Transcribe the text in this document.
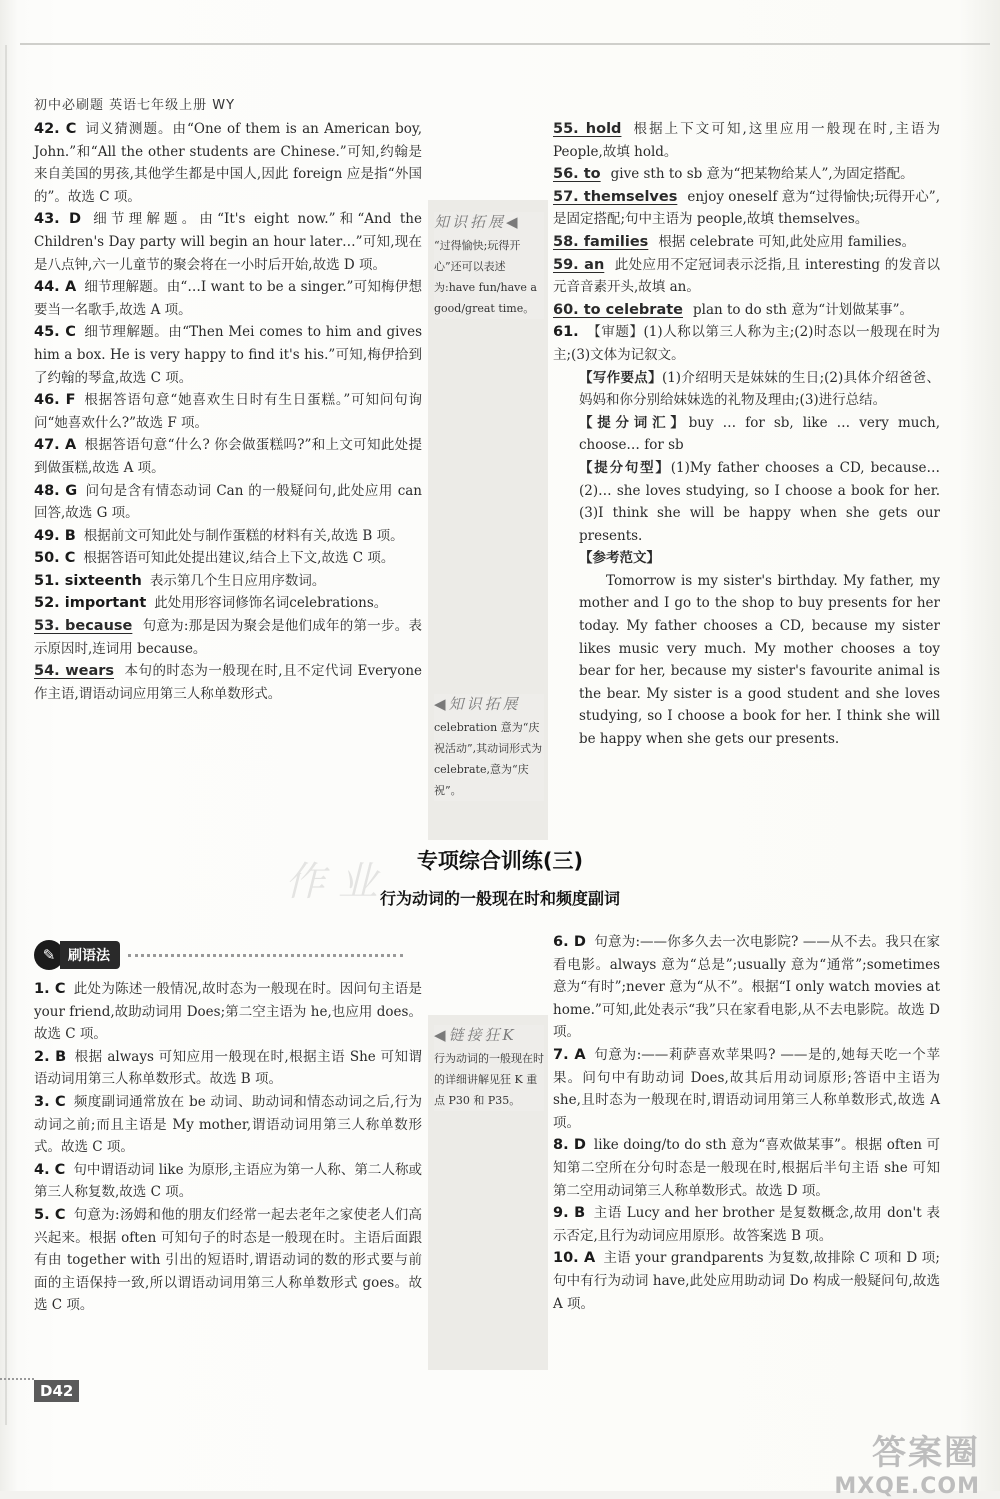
初中必刷题 英语七年级上册 WY
42. C 词义猜测题。由“One of them is an American boy, John.”和“All the other students are Chinese.”可知,约翰是来自美国的男孩,其他学生都是中国人,因此 foreign 应是指“外国的”。故选 C 项。
43. D 细节理解题。由“It's eight now.”和“And the Children's Day party will begin an hour later…”可知,现在是八点钟,六一儿童节的聚会将在一小时后开始,故选 D 项。
44. A 细节理解题。由“…I want to be a singer.”可知梅伊想要当一名歌手,故选 A 项。
45. C 细节理解题。由“Then Mei comes to him and gives him a box. He is very happy to find it's his.”可知,梅伊拾到了约翰的琴盒,故选 C 项。
46. F 根据答语句意“她喜欢生日时有生日蛋糕。”可知问句询问“她喜欢什么?”故选 F 项。
47. A 根据答语句意“什么? 你会做蛋糕吗?”和上文可知此处提到做蛋糕,故选 A 项。
48. G 问句是含有情态动词 Can 的一般疑问句,此处应用 can 回答,故选 G 项。
49. B 根据前文可知此处与制作蛋糕的材料有关,故选 B 项。
50. C 根据答语可知此处提出建议,结合上下文,故选 C 项。
51. sixteenth 表示第几个生日应用序数词。
52. important 此处用形容词修饰名词celebrations。
53. because 句意为:那是因为聚会是他们成年的第一步。表示原因时,连词用 because。
54. wears 本句的时态为一般现在时,且不定代词 Everyone 作主语,谓语动词应用第三人称单数形式。
知识拓展◀
“过得愉快;玩得开心”还可以表述为:have fun/have a good/great time。
◀知识拓展
celebration 意为“庆祝活动”,其动词形式为 celebrate,意为“庆祝”。
55. hold 根据上下文可知,这里应用一般现在时,主语为 People,故填 hold。
56. to give sth to sb 意为“把某物给某人”,为固定搭配。
57. themselves enjoy oneself 意为“过得愉快;玩得开心”,是固定搭配;句中主语为 people,故填 themselves。
58. families 根据 celebrate 可知,此处应用 families。
59. an 此处应用不定冠词表示泛指,且 interesting 的发音以元音音素开头,故填 an。
60. to celebrate plan to do sth 意为“计划做某事”。
61. 【审题】(1)人称以第三人称为主;(2)时态以一般现在时为主;(3)文体为记叙文。
【写作要点】(1)介绍明天是妹妹的生日;(2)具体介绍爸爸、妈妈和你分别给妹妹选的礼物及理由;(3)进行总结。
【提分词汇】buy … for sb, like … very much, choose… for sb
【提分句型】(1)My father chooses a CD, because… (2)… she loves studying, so I choose a book for her. (3)I think she will be happy when she gets our presents.
【参考范文】
Tomorrow is my sister's birthday. My father, my mother and I go to the shop to buy presents for her today. My father chooses a CD, because my sister likes music very much. My mother chooses a toy bear for her, because my sister's favourite animal is the bear. My sister is a good student and she loves studying, so I choose a book for her. I think she will be happy when she gets our presents.
作 业	专项综合训练(三)
行为动词的一般现在时和频度副词
✎ 刷语法
1. C 此处为陈述一般情况,故时态为一般现在时。因问句主语是 your friend,故助动词用 Does;第二空主语为 he,也应用 does。故选 C 项。
2. B 根据 always 可知应用一般现在时,根据主语 She 可知谓语动词用第三人称单数形式。故选 B 项。
3. C 频度副词通常放在 be 动词、助动词和情态动词之后,行为动词之前;而且主语是 My mother,谓语动词用第三人称单数形式。故选 C 项。
4. C 句中谓语动词 like 为原形,主语应为第一人称、第二人称或第三人称复数,故选 C 项。
5. C 句意为:汤姆和他的朋友们经常一起去老年之家使老人们高兴起来。根据 often 可知句子的时态是一般现在时。主语后面跟有由 together with 引出的短语时,谓语动词的数的形式要与前面的主语保持一致,所以谓语动词用第三人称单数形式 goes。故选 C 项。
◀链接狂K
行为动词的一般现在时的详细讲解见狂 K 重点 P30 和 P35。
6. D 句意为:——你多久去一次电影院? ——从不去。我只在家看电影。always 意为“总是”;usually 意为“通常”;sometimes 意为“有时”;never 意为“从不”。根据“I only watch movies at home.”可知,此处表示“我”只在家看电影,从不去电影院。故选 D 项。
7. A 句意为:——莉萨喜欢苹果吗? ——是的,她每天吃一个苹果。问句中有助动词 Does,故其后用动词原形;答语中主语为 she,且时态为一般现在时,谓语动词用第三人称单数形式,故选 A 项。
8. D like doing/to do sth 意为“喜欢做某事”。根据 often 可知第二空所在分句时态是一般现在时,根据后半句主语 she 可知第二空用动词第三人称单数形式。故选 D 项。
9. B 主语 Lucy and her brother 是复数概念,故用 don't 表示否定,且行为动词应用原形。故答案选 B 项。
10. A 主语 your grandparents 为复数,故排除 C 项和 D 项;句中有行为动词 have,此处应用助动词 Do 构成一般疑问句,故选 A 项。
D42
答案圈
MXQE.COM
